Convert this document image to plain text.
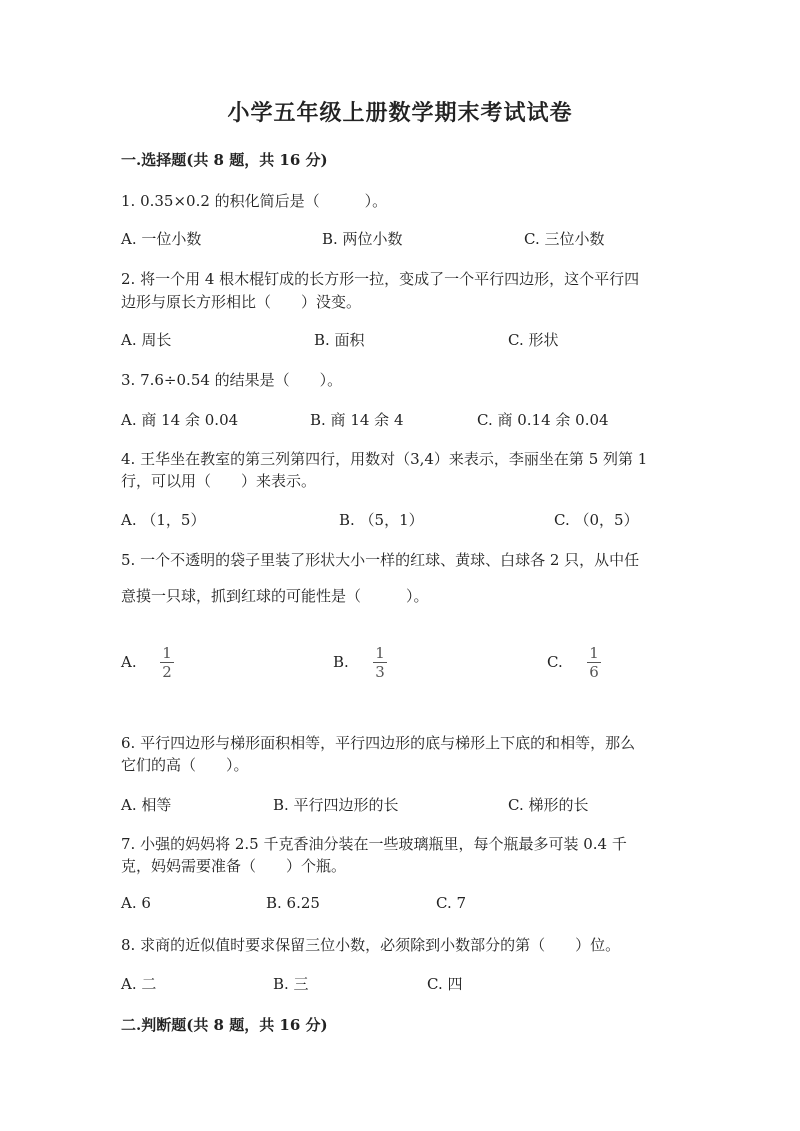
小学五年级上册数学期末考试试卷
一.选择题(共 8 题，共 16 分)
1. 0.35×0.2 的积化简后是（　　　）。
A. 一位小数	B. 两位小数	C. 三位小数
2. 将一个用 4 根木棍钉成的长方形一拉，变成了一个平行四边形，这个平行四
边形与原长方形相比（　　）没变。
A. 周长	B. 面积	C. 形状
3. 7.6÷0.54 的结果是（　　）。
A. 商 14 余 0.04	B. 商 14 余 4	C. 商 0.14 余 0.04
4. 王华坐在教室的第三列第四行，用数对（3,4）来表示，李丽坐在第 5 列第 1
行，可以用（　　）来表示。
A. （1，5）	B. （5，1）	C. （0，5）
5. 一个不透明的袋子里装了形状大小一样的红球、黄球、白球各 2 只，从中任
意摸一只球，抓到红球的可能性是（　　　）。
A. $\frac{1}{2}$	B. $\frac{1}{3}$	C. $\frac{1}{6}$
6. 平行四边形与梯形面积相等，平行四边形的底与梯形上下底的和相等，那么
它们的高（　　）。
A. 相等	B. 平行四边形的长	C. 梯形的长
7. 小强的妈妈将 2.5 千克香油分装在一些玻璃瓶里，每个瓶最多可装 0.4 千
克，妈妈需要准备（　　）个瓶。
A. 6	B. 6.25	C. 7
8. 求商的近似值时要求保留三位小数，必须除到小数部分的第（　　）位。
A. 二	B. 三	C. 四
二.判断题(共 8 题，共 16 分)
